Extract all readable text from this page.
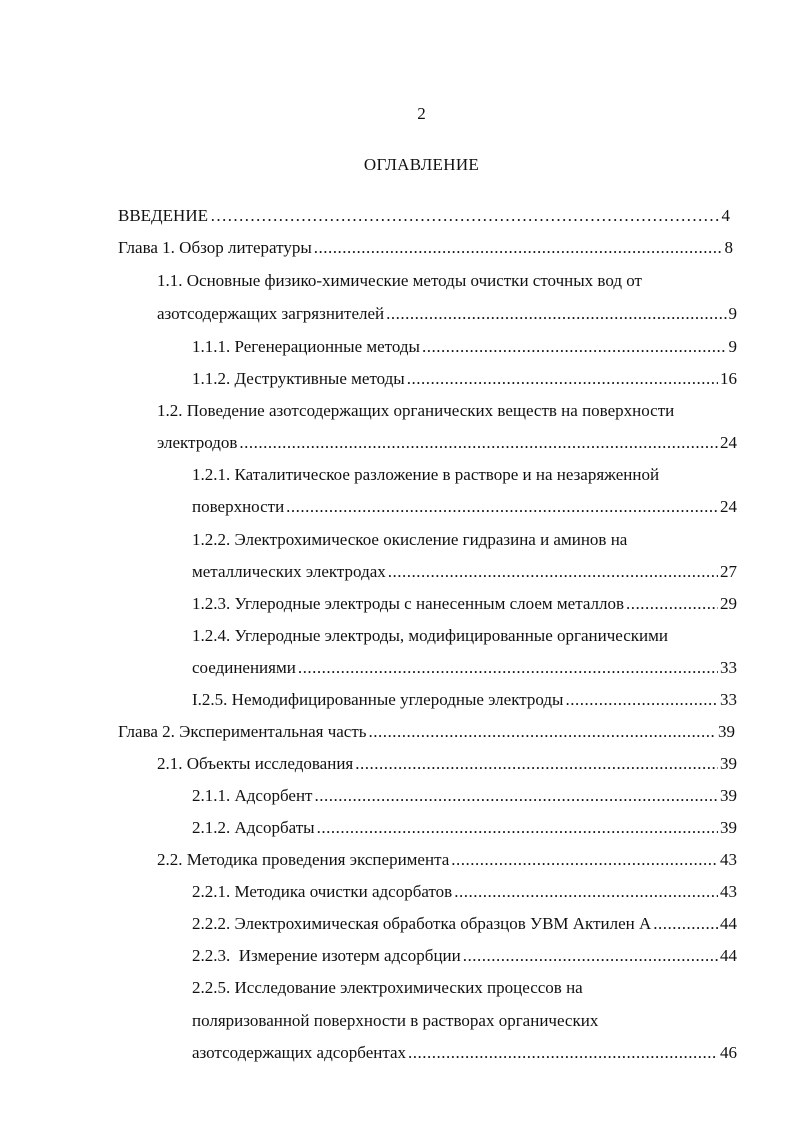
2
ОГЛАВЛЕНИЕ
ВВЕДЕНИЕ ………………………………………………………………………………………………………………………………………………………………………	4
Глава 1. Обзор литературы .....	8
1.1. Основные физико-химические методы очистки сточных вод от
азотсодержащих загрязнителей .....	9
1.1.1. Регенерационные методы .....	9
1.1.2. Деструктивные методы .....	16
1.2. Поведение азотсодержащих органических веществ на поверхности
электродов .....	24
1.2.1. Каталитическое разложение в растворе и на незаряженной
поверхности .....	24
1.2.2. Электрохимическое окисление гидразина и аминов на
металлических электродах .....	27
1.2.3. Углеродные электроды с нанесенным слоем металлов .....	29
1.2.4. Углеродные электроды, модифицированные органическими
соединениями .....	33
I.2.5. Немодифицированные углеродные электроды .....	33
Глава 2. Экспериментальная часть .....	39
2.1. Объекты исследования .....	39
2.1.1. Адсорбент .....	39
2.1.2. Адсорбаты .....	39
2.2. Методика проведения эксперимента .....	43
2.2.1. Методика очистки адсорбатов .....	43
2.2.2. Электрохимическая обработка образцов УВМ Актилен А .....	44
2.2.3.  Измерение изотерм адсорбции .....	44
2.2.5. Исследование электрохимических процессов на
поляризованной поверхности в растворах органических
азотсодержащих адсорбентах .....	46
